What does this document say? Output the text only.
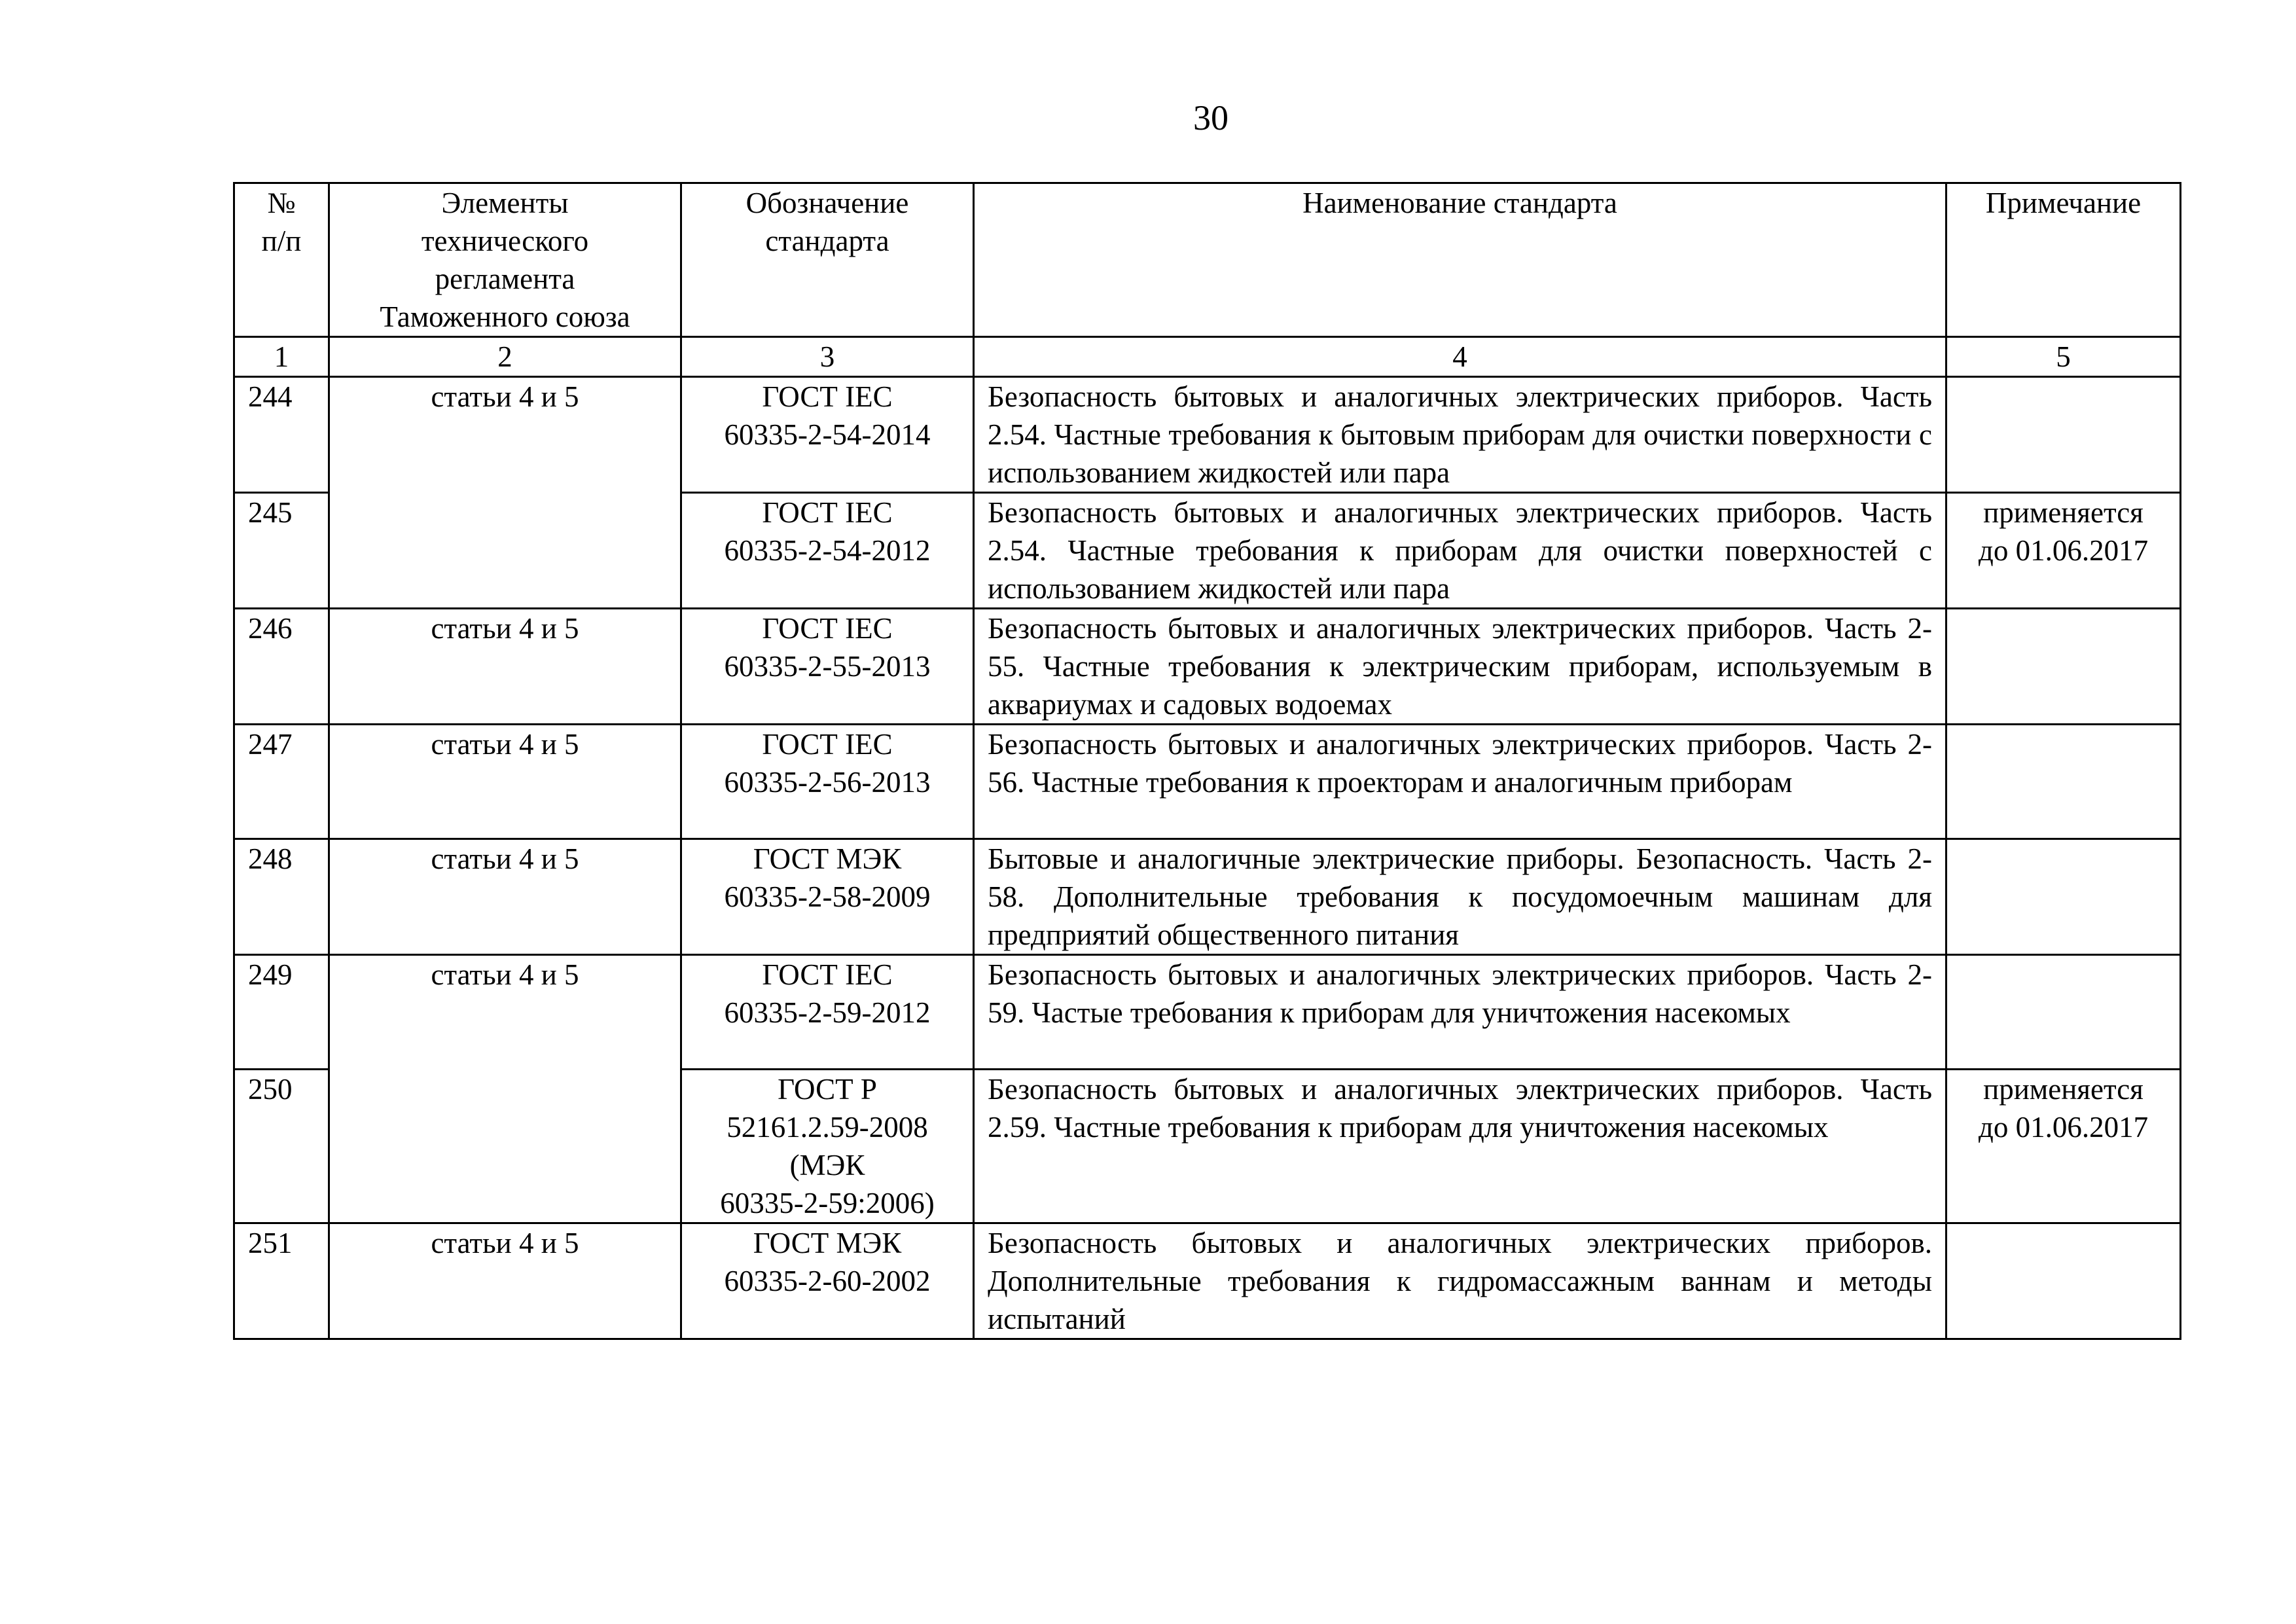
30
№
п/п	Элементы
технического
регламента
Таможенного союза	Обозначение
стандарта	Наименование стандарта	Примечание
1	2	3	4	5
244	статьи 4 и 5	ГОСТ IEC
60335-2-54-2014	Безопасность бытовых и аналогичных электрических приборов. Часть 2.54. Частные требования к бытовым приборам для очистки поверхности с использованием жидкостей или пара	
245		ГОСТ IEC
60335-2-54-2012	Безопасность бытовых и аналогичных электрических приборов. Часть 2.54. Частные требования к приборам для очистки поверхностей с использованием жидкостей или пара	применяется
до 01.06.2017

246	статьи 4 и 5	ГОСТ IEC
60335-2-55-2013	Безопасность бытовых и аналогичных электрических приборов. Часть 2-55. Частные требования к электрическим приборам, используемым в аквариумах и садовых водоемах	
247	статьи 4 и 5	ГОСТ IEC
60335-2-56-2013	Безопасность бытовых и аналогичных электрических приборов. Часть 2-56. Частные требования к проекторам и аналогичным приборам	
248	статьи 4 и 5	ГОСТ МЭК
60335-2-58-2009	Бытовые и аналогичные электрические приборы. Безопасность. Часть 2-58. Дополнительные требования к посудомоечным машинам для предприятий общественного питания	
249	статьи 4 и 5	ГОСТ IEC
60335-2-59-2012	Безопасность бытовых и аналогичных электрических приборов. Часть 2-59. Частые требования к приборам для уничтожения насекомых	
250		ГОСТ Р
52161.2.59-2008
(МЭК
60335-2-59:2006)	Безопасность бытовых и аналогичных электрических приборов. Часть 2.59. Частные требования к приборам для уничтожения насекомых	применяется
до 01.06.2017

251	статьи 4 и 5	ГОСТ МЭК
60335-2-60-2002	Безопасность бытовых и аналогичных электрических приборов. Дополнительные требования к гидромассажным ваннам и методы испытаний	
